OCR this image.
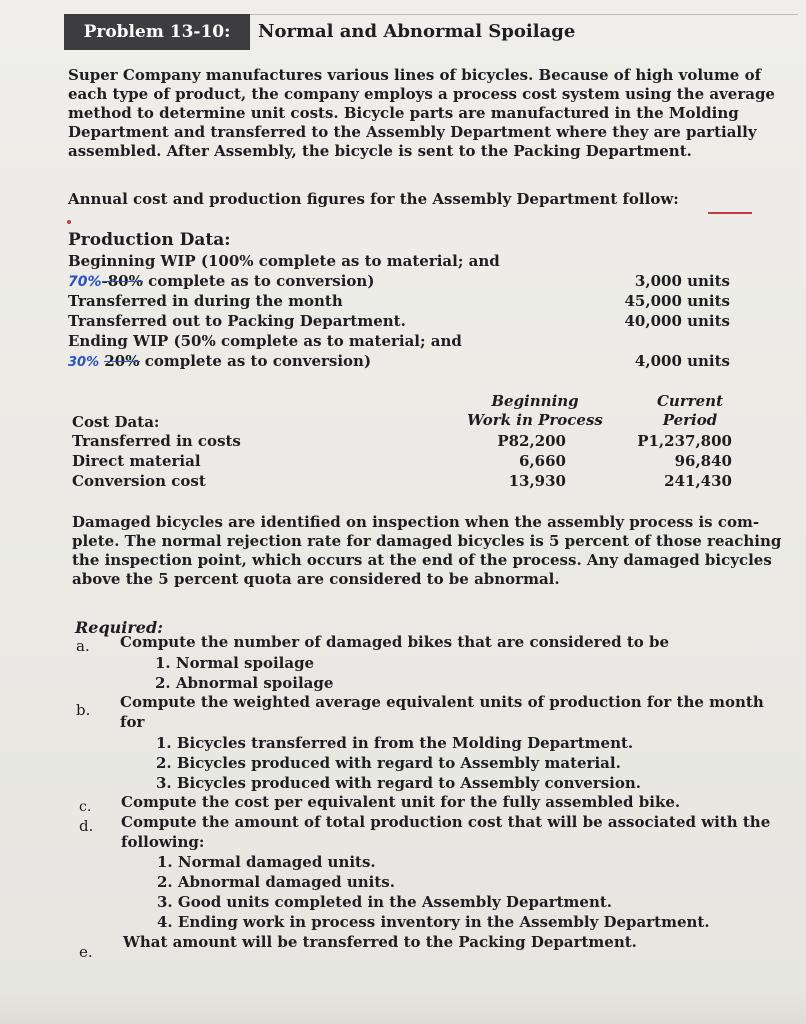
Problem 13-10:	Normal and Abnormal Spoilage
Super Company manufactures various lines of bicycles. Because of high volume of
each type of product, the company employs a process cost system using the average
method to determine unit costs. Bicycle parts are manufactured in the Molding
Department and transferred to the Assembly Department where they are partially
assembled. After Assembly, the bicycle is sent to the Packing Department.
Annual cost and production figures for the Assembly Department follow:
Production Data:
Beginning WIP (100% complete as to material; and
70%-80% complete as to conversion)	3,000 units
Transferred in during the month	45,000 units
Transferred out to Packing Department.	40,000 units
Ending WIP (50% complete as to material; and
30% 20% complete as to conversion)	4,000 units
Beginning
Work in Process
Current
Period
Cost Data:
Transferred in costs	P82,200	P1,237,800
Direct material	6,660	96,840
Conversion cost	13,930	241,430
Damaged bicycles are identified on inspection when the assembly process is com-
plete. The normal rejection rate for damaged bicycles is 5 percent of those reaching
the inspection point, which occurs at the end of the process. Any damaged bicycles
above the 5 percent quota are considered to be abnormal.
Required:
a. Compute the number of damaged bikes that are considered to be
1. Normal spoilage
2. Abnormal spoilage
b. Compute the weighted average equivalent units of production for the month
for
1. Bicycles transferred in from the Molding Department.
2. Bicycles produced with regard to Assembly material.
3. Bicycles produced with regard to Assembly conversion.
c. Compute the cost per equivalent unit for the fully assembled bike.
d. Compute the amount of total production cost that will be associated with the
following:
1. Normal damaged units.
2. Abnormal damaged units.
3. Good units completed in the Assembly Department.
4. Ending work in process inventory in the Assembly Department.
e.
What amount will be transferred to the Packing Department.
